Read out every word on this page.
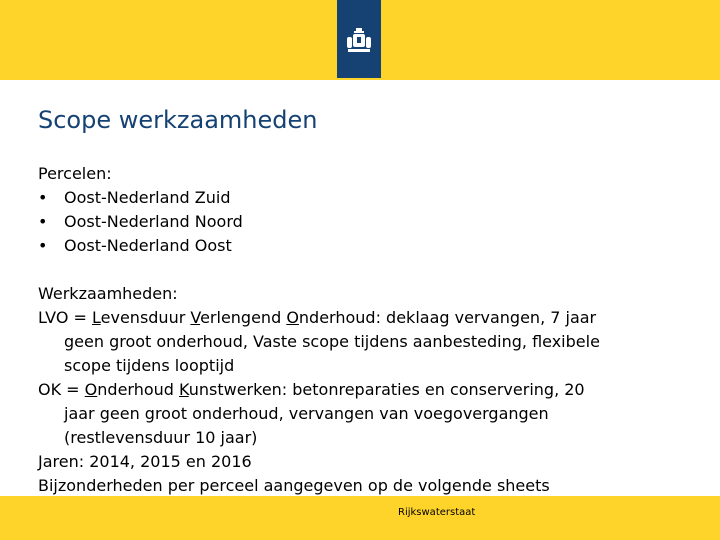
Scope werkzaamheden
Percelen:
•	Oost-Nederland Zuid
•	Oost-Nederland Noord
•	Oost-Nederland Oost
Werkzaamheden:
LVO = Levensduur Verlengend Onderhoud: deklaag vervangen, 7 jaar
geen groot onderhoud, Vaste scope tijdens aanbesteding, flexibele
scope tijdens looptijd
OK = Onderhoud Kunstwerken: betonreparaties en conservering, 20
jaar geen groot onderhoud, vervangen van voegovergangen
(restlevensduur 10 jaar)
Jaren: 2014, 2015 en 2016
Bijzonderheden per perceel aangegeven op de volgende sheets
Rijkswaterstaat
